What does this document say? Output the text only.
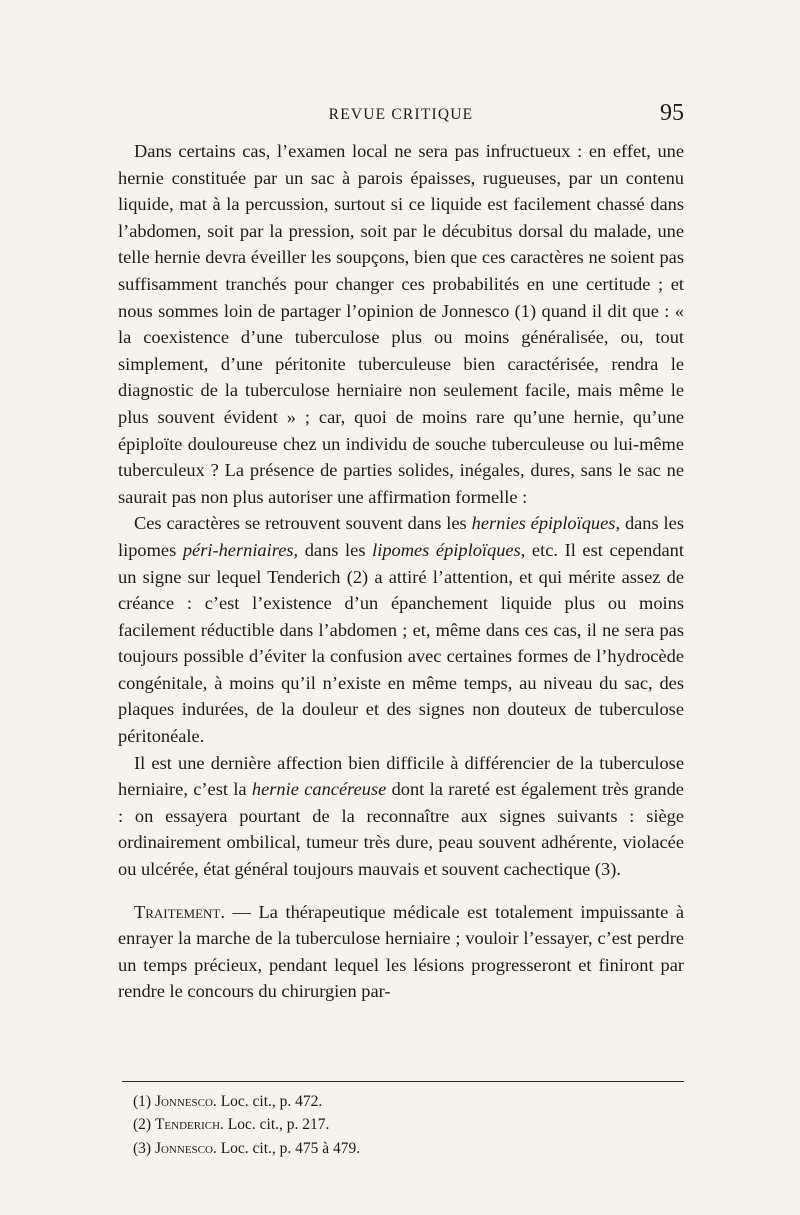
REVUE CRITIQUE	95

Dans certains cas, l’examen local ne sera pas infructueux : en effet, une hernie constituée par un sac à parois épaisses, rugueuses, par un contenu liquide, mat à la percussion, surtout si ce liquide est facilement chassé dans l’abdomen, soit par la pression, soit par le décubitus dorsal du malade, une telle hernie devra éveiller les soupçons, bien que ces caractères ne soient pas suffisamment tranchés pour changer ces probabilités en une certitude ; et nous sommes loin de partager l’opinion de Jonnesco (1) quand il dit que : « la coexistence d’une tuberculose plus ou moins généralisée, ou, tout simplement, d’une péritonite tuberculeuse bien caractérisée, rendra le diagnostic de la tuberculose herniaire non seulement facile, mais même le plus souvent évident » ; car, quoi de moins rare qu’une hernie, qu’une épiploïte douloureuse chez un individu de souche tuberculeuse ou lui-même tuberculeux ? La présence de parties solides, inégales, dures, sans le sac ne saurait pas non plus autoriser une affirmation formelle :

Ces caractères se retrouvent souvent dans les hernies épiploïques, dans les lipomes péri-herniaires, dans les lipomes épiploïques, etc. Il est cependant un signe sur lequel Tenderich (2) a attiré l’attention, et qui mérite assez de créance : c’est l’existence d’un épanchement liquide plus ou moins facilement réductible dans l’abdomen ; et, même dans ces cas, il ne sera pas toujours possible d’éviter la confusion avec certaines formes de l’hydrocède congénitale, à moins qu’il n’existe en même temps, au niveau du sac, des plaques indurées, de la douleur et des signes non douteux de tuberculose péritonéale.

Il est une dernière affection bien difficile à différencier de la tuberculose herniaire, c’est la hernie cancéreuse dont la rareté est également très grande : on essayera pourtant de la reconnaître aux signes suivants : siège ordinairement ombilical, tumeur très dure, peau souvent adhérente, violacée ou ulcérée, état général toujours mauvais et souvent cachectique (3).

Traitement. — La thérapeutique médicale est totalement impuissante à enrayer la marche de la tuberculose herniaire ; vouloir l’essayer, c’est perdre un temps précieux, pendant lequel les lésions progresseront et finiront par rendre le concours du chirurgien par-

(1) Jonnesco. Loc. cit., p. 472.
(2) Tenderich. Loc. cit., p. 217.
(3) Jonnesco. Loc. cit., p. 475 à 479.
